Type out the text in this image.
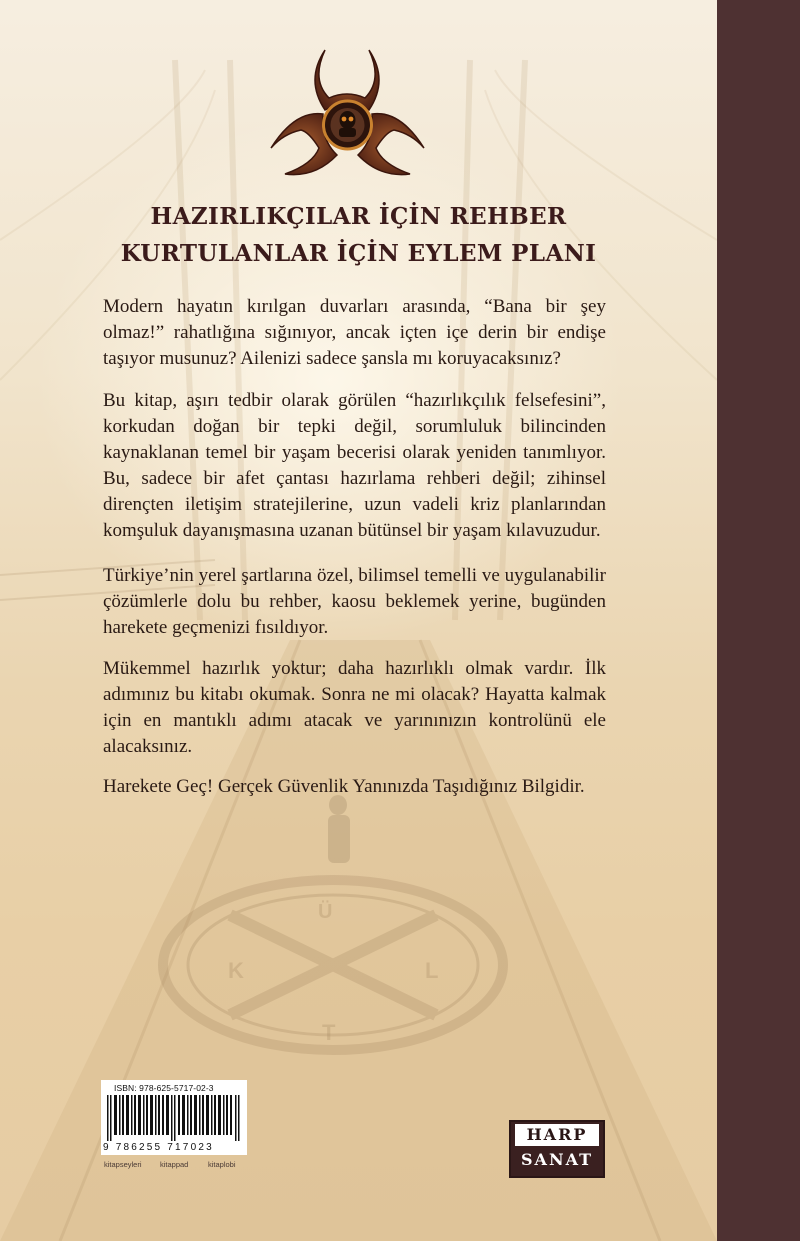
Ü
K	L
T
HAZIRLIKÇILAR İÇİN REHBER
KURTULANLAR İÇİN EYLEM PLANI

Modern hayatın kırılgan duvarları arasında, “Bana bir şey olmaz!” rahatlığına sığınıyor, ancak içten içe derin bir endişe taşıyor musunuz? Ailenizi sadece şansla mı koruyacaksınız?

Bu kitap, aşırı tedbir olarak görülen “hazırlıkçılık felsefesini”, korkudan doğan bir tepki değil, sorumluluk bilincinden kaynaklanan temel bir yaşam becerisi olarak yeniden tanımlıyor. Bu, sadece bir afet çantası hazırlama rehberi değil; zihinsel dirençten iletişim stratejilerine, uzun vadeli kriz planlarından komşuluk dayanışmasına uzanan bütünsel bir yaşam kılavuzudur.

Türkiye’nin yerel şartlarına özel, bilimsel temelli ve uygulanabilir çözümlerle dolu bu rehber, kaosu beklemek yerine, bugünden harekete geçmenizi fısıldıyor.

Mükemmel hazırlık yoktur; daha hazırlıklı olmak vardır. İlk adımınız bu kitabı okumak. Sonra ne mi olacak? Hayatta kalmak için en mantıklı adımı atacak ve yarınınızın kontrolünü ele alacaksınız.

Harekete Geç! Gerçek Güvenlik Yanınızda Taşıdığınız Bilgidir.

ISBN: 978-625-5717-02-3
9 786255 717023
kitapseyleri kitappad	kitaplobi
HARP
SANAT
